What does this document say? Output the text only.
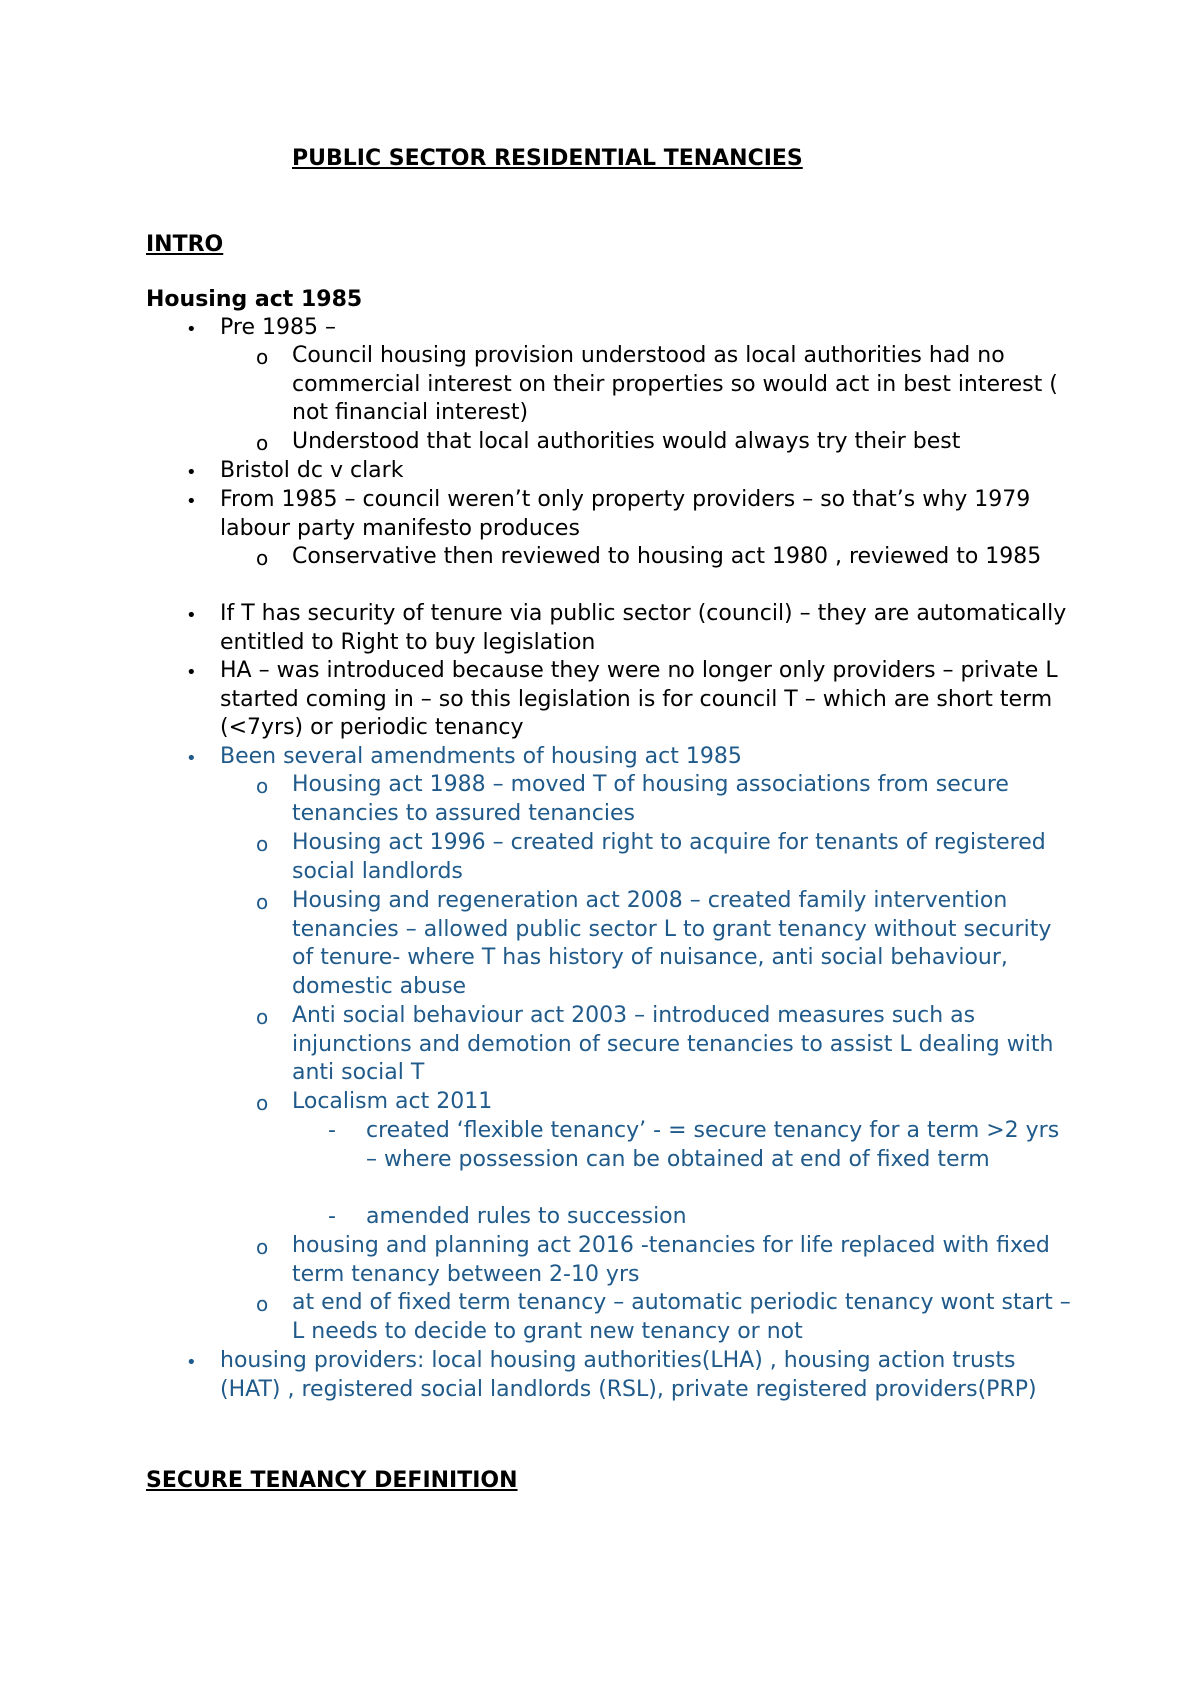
PUBLIC SECTOR RESIDENTIAL TENANCIES
INTRO
Housing act 1985
• Pre 1985 –

o Council housing provision understood as local authorities had no commercial interest on their properties so would act in best interest ( not financial interest)

o Understood that local authorities would always try their best

• Bristol dc v clark

• From 1985 – council weren’t only property providers – so that’s why 1979 labour party manifesto produces

o Conservative then reviewed to housing act 1980 , reviewed to 1985

• If T has security of tenure via public sector (council) – they are automatically entitled to Right to buy legislation

• HA – was introduced because they were no longer only providers – private L started coming in – so this legislation is for council T – which are short term (<7yrs) or periodic tenancy

• Been several amendments of housing act 1985

o Housing act 1988 – moved T of housing associations from secure tenancies to assured tenancies

o Housing act 1996 – created right to acquire for tenants of registered social landlords

o Housing and regeneration act 2008 – created family intervention tenancies – allowed public sector L to grant tenancy without security of tenure- where T has history of nuisance, anti social behaviour, domestic abuse

o Anti social behaviour act 2003 – introduced measures such as injunctions and demotion of secure tenancies to assist L dealing with anti social T

o Localism act 2011

- created ‘flexible tenancy’ - = secure tenancy for a term >2 yrs – where possession can be obtained at end of fixed term

- amended rules to succession

o housing and planning act 2016 -tenancies for life replaced with fixed term tenancy between 2-10 yrs

o at end of fixed term tenancy – automatic periodic tenancy wont start – L needs to decide to grant new tenancy or not

• housing providers: local housing authorities(LHA) , housing action trusts (HAT) , registered social landlords (RSL), private registered providers(PRP)

SECURE TENANCY DEFINITION
